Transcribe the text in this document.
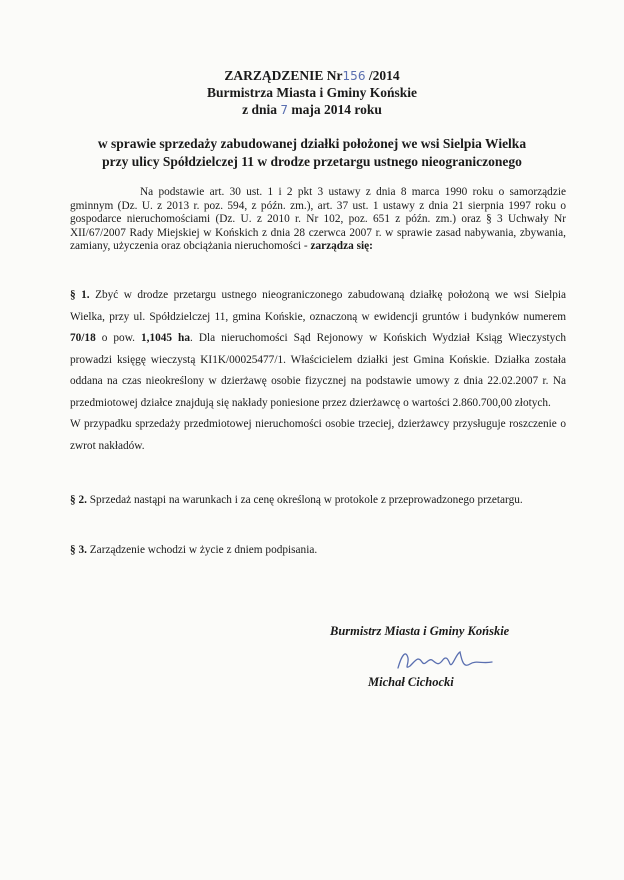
ZARZĄDZENIE Nr156 /2014
Burmistrza Miasta i Gminy Końskie
z dnia 7 maja 2014 roku
w sprawie sprzedaży zabudowanej działki położonej we wsi Sielpia Wielka
przy ulicy Spółdzielczej 11 w drodze przetargu ustnego nieograniczonego

Na podstawie art. 30 ust. 1 i 2 pkt 3 ustawy z dnia 8 marca 1990 roku o samorządzie gminnym (Dz. U. z 2013 r. poz. 594, z późn. zm.), art. 37 ust. 1 ustawy z dnia 21 sierpnia 1997 roku o gospodarce nieruchomościami (Dz. U. z 2010 r. Nr 102, poz. 651 z późn. zm.) oraz § 3 Uchwały Nr XII/67/2007 Rady Miejskiej w Końskich z dnia 28 czerwca 2007 r. w sprawie zasad nabywania, zbywania, zamiany, użyczenia oraz obciążania nieruchomości - zarządza się:

§ 1. Zbyć w drodze przetargu ustnego nieograniczonego zabudowaną działkę położoną we wsi Sielpia Wielka, przy ul. Spółdzielczej 11, gmina Końskie, oznaczoną w ewidencji gruntów i budynków numerem 70/18 o pow. 1,1045 ha. Dla nieruchomości Sąd Rejonowy w Końskich Wydział Ksiąg Wieczystych prowadzi księgę wieczystą KI1K/00025477/1. Właścicielem działki jest Gmina Końskie. Działka została oddana na czas nieokreślony w dzierżawę osobie fizycznej na podstawie umowy z dnia 22.02.2007 r. Na przedmiotowej działce znajdują się nakłady poniesione przez dzierżawcę o wartości 2.860.700,00 złotych.

W przypadku sprzedaży przedmiotowej nieruchomości osobie trzeciej, dzierżawcy przysługuje roszczenie o zwrot nakładów.

§ 2. Sprzedaż nastąpi na warunkach i za cenę określoną w protokole z przeprowadzonego przetargu.

§ 3. Zarządzenie wchodzi w życie z dniem podpisania.

Burmistrz Miasta i Gminy Końskie
Michał Cichocki
